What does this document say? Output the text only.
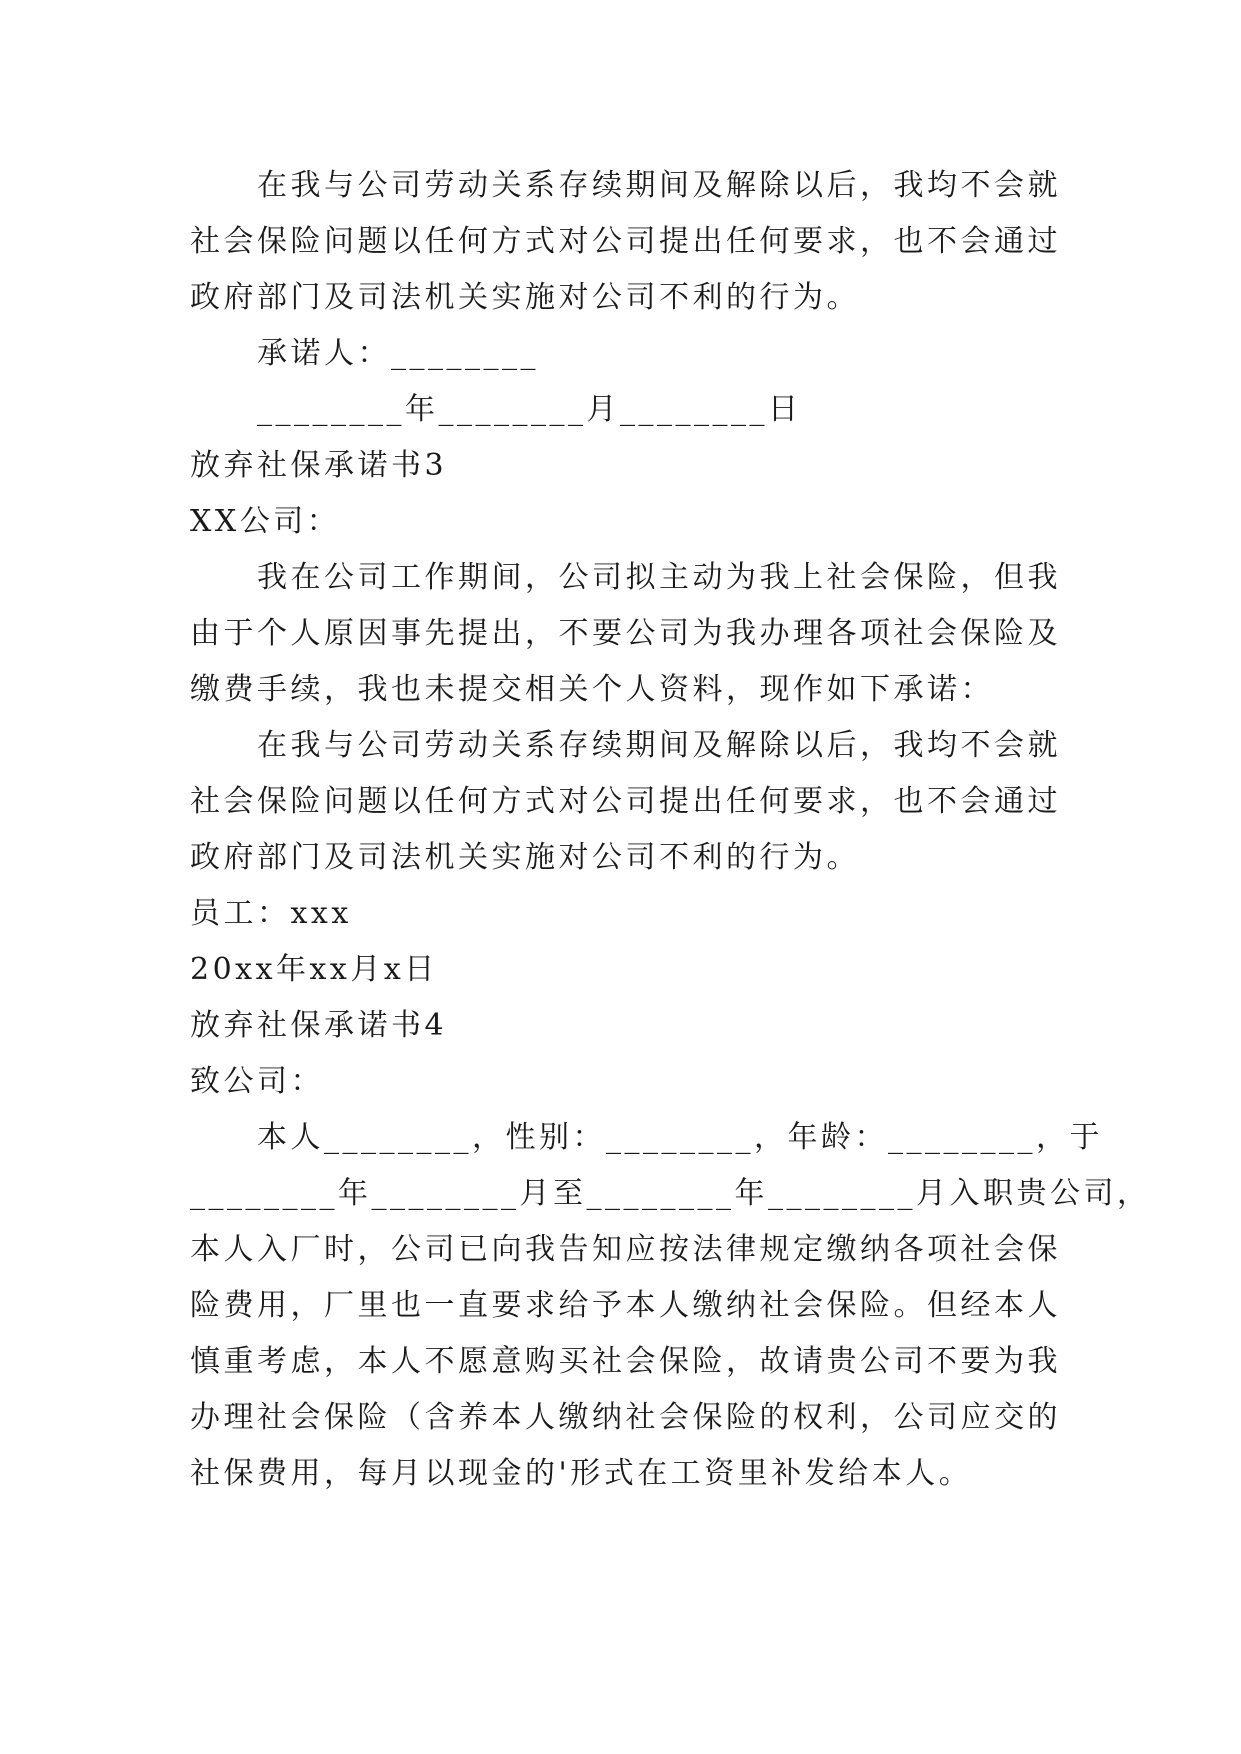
在我与公司劳动关系存续期间及解除以后，我均不会就
社会保险问题以任何方式对公司提出任何要求，也不会通过
政府部门及司法机关实施对公司不利的行为。
承诺人：________
________年________月________日
放弃社保承诺书3
XX公司：
我在公司工作期间，公司拟主动为我上社会保险，但我
由于个人原因事先提出，不要公司为我办理各项社会保险及
缴费手续，我也未提交相关个人资料，现作如下承诺：
在我与公司劳动关系存续期间及解除以后，我均不会就
社会保险问题以任何方式对公司提出任何要求，也不会通过
政府部门及司法机关实施对公司不利的行为。
员工：xxx
20xx年xx月x日
放弃社保承诺书4
致公司：
本人________，性别：________，年龄：________，于
________年________月至________年________月入职贵公司，
本人入厂时，公司已向我告知应按法律规定缴纳各项社会保
险费用，厂里也一直要求给予本人缴纳社会保险。但经本人
慎重考虑，本人不愿意购买社会保险，故请贵公司不要为我
办理社会保险（含养本人缴纳社会保险的权利，公司应交的
社保费用，每月以现金的'形式在工资里补发给本人。
